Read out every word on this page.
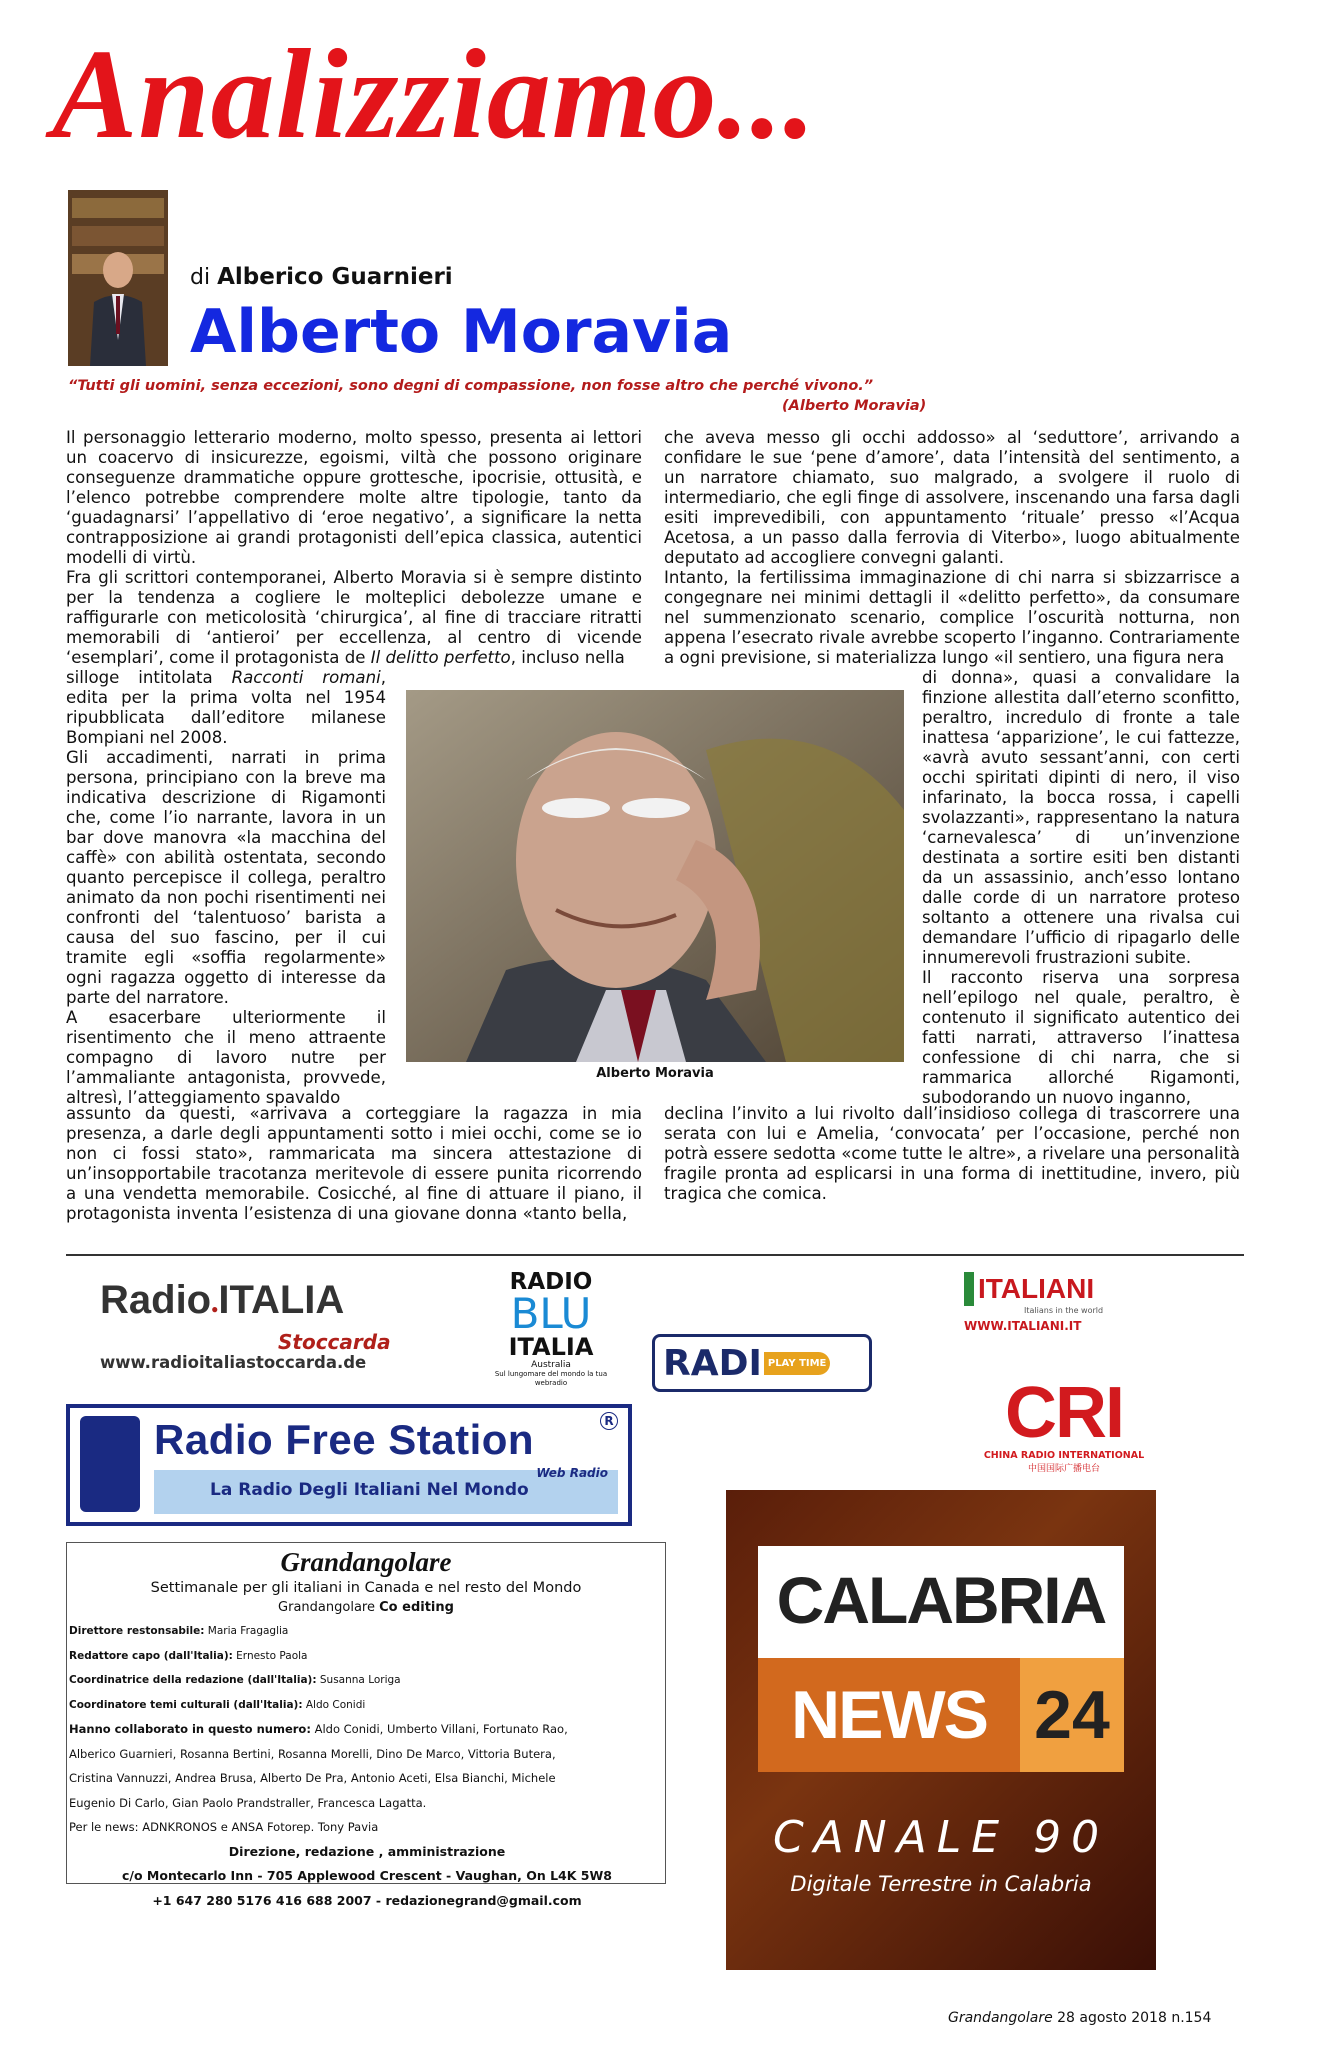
Analizziamo...
di Alberico Guarnieri
Alberto Moravia
“Tutti gli uomini, senza eccezioni, sono degni di compassione, non fosse altro che perché vivono.”
(Alberto Moravia)

Il personaggio letterario moderno, molto spesso, presenta ai lettori un coacervo di insicurezze, egoismi, viltà che possono originare conseguenze drammatiche oppure grottesche, ipocrisie, ottusità, e l’elenco potrebbe comprendere molte altre tipologie, tanto da ‘guadagnarsi’ l’appellativo di ‘eroe negativo’, a significare la netta contrapposizione ai grandi protagonisti dell’epica classica, autentici modelli di virtù.

Fra gli scrittori contemporanei, Alberto Moravia si è sempre distinto per la tendenza a cogliere le molteplici debolezze umane e raffigurarle con meticolosità ‘chirurgica’, al fine di tracciare ritratti memorabili di ‘antieroi’ per eccellenza, al centro di vicende ‘esemplari’, come il protagonista de Il delitto perfetto, incluso nella

silloge intitolata Racconti romani, edita per la prima volta nel 1954 ripubblicata dall’editore milanese Bompiani nel 2008.

Gli accadimenti, narrati in prima persona, principiano con la breve ma indicativa descrizione di Rigamonti che, come l’io narrante, lavora in un bar dove manovra «la macchina del caffè» con abilità ostentata, secondo quanto percepisce il collega, peraltro animato da non pochi risentimenti nei confronti del ‘talentuoso’ barista a causa del suo fascino, per il cui tramite egli «soffia regolarmente» ogni ragazza oggetto di interesse da parte del narratore.

A esacerbare ulteriormente il risentimento che il meno attraente compagno di lavoro nutre per l’ammaliante antagonista, provvede, altresì, l’atteggiamento spavaldo

assunto da questi, «arrivava a corteggiare la ragazza in mia presenza, a darle degli appuntamenti sotto i miei occhi, come se io non ci fossi stato», rammaricata ma sincera attestazione di un’insopportabile tracotanza meritevole di essere punita ricorrendo a una vendetta memorabile. Cosicché, al fine di attuare il piano, il protagonista inventa l’esistenza di una giovane donna «tanto bella,

che aveva messo gli occhi addosso» al ‘seduttore’, arrivando a confidare le sue ‘pene d’amore’, data l’intensità del sentimento, a un narratore chiamato, suo malgrado, a svolgere il ruolo di intermediario, che egli finge di assolvere, inscenando una farsa dagli esiti imprevedibili, con appuntamento ‘rituale’ presso «l’Acqua Acetosa, a un passo dalla ferrovia di Viterbo», luogo abitualmente deputato ad accogliere convegni galanti.

Intanto, la fertilissima immaginazione di chi narra si sbizzarrisce a congegnare nei minimi dettagli il «delitto perfetto», da consumare nel summenzionato scenario, complice l’oscurità notturna, non appena l’esecrato rivale avrebbe scoperto l’inganno. Contrariamente a ogni previsione, si materializza lungo «il sentiero, una figura nera

di donna», quasi a convalidare la finzione allestita dall’eterno sconfitto, peraltro, incredulo di fronte a tale inattesa ‘apparizione’, le cui fattezze, «avrà avuto sessant’anni, con certi occhi spiritati dipinti di nero, il viso infarinato, la bocca rossa, i capelli svolazzanti», rappresentano la natura ‘carnevalesca’ di un’invenzione destinata a sortire esiti ben distanti da un assassinio, anch’esso lontano dalle corde di un narratore proteso soltanto a ottenere una rivalsa cui demandare l’ufficio di ripagarlo delle innumerevoli frustrazioni subite.

Il racconto riserva una sorpresa nell’epilogo nel quale, peraltro, è contenuto il significato autentico dei fatti narrati, attraverso l’inattesa confessione di chi narra, che si rammarica allorché Rigamonti, subodorando un nuovo inganno,

declina l’invito a lui rivolto dall’insidioso collega di trascorrere una serata con lui e Amelia, ‘convocata’ per l’occasione, perché non potrà essere sedotta «come tutte le altre», a rivelare una personalità fragile pronta ad esplicarsi in una forma di inettitudine, invero, più tragica che comica.

Alberto Moravia
Radio●ITALIA
Stoccarda
www.radioitaliastoccarda.de
RADIO
BLU
ITALIA
Australia
Sul lungomare del mondo la tua webradio	RADI PLAY TIME
ITALIANI
Italians in the world
WWW.ITALIANI.IT
CRI
CHINA RADIO INTERNATIONAL
中国国际广播电台
Radio Free Station	R
La Radio Degli Italiani Nel Mondo
Web Radio
CALABRIA
NEWS 24
CANALE 90
Digitale Terrestre in Calabria
Grandangolare
Settimanale per gli italiani in Canada e nel resto del Mondo
Grandangolare Co editing
Direttore restonsabile: Maria Fragaglia
Redattore capo (dall'Italia): Ernesto Paola
Coordinatrice della redazione (dall'Italia): Susanna Loriga
Coordinatore temi culturali (dall'Italia): Aldo Conidi
Hanno collaborato in questo numero: Aldo Conidi, Umberto Villani, Fortunato Rao,
Alberico Guarnieri, Rosanna Bertini, Rosanna Morelli, Dino De Marco, Vittoria Butera,
Cristina Vannuzzi, Andrea Brusa, Alberto De Pra, Antonio Aceti, Elsa Bianchi, Michele
Eugenio Di Carlo, Gian Paolo Prandstraller, Francesca Lagatta.
Per le news: ADNKRONOS e ANSA Fotorep. Tony Pavia
Direzione, redazione , amministrazione
c/o Montecarlo Inn - 705 Applewood Crescent - Vaughan, On L4K 5W8
+1 647 280 5176 416 688 2007 - redazionegrand@gmail.com
Grandangolare 28 agosto 2018 n.154
